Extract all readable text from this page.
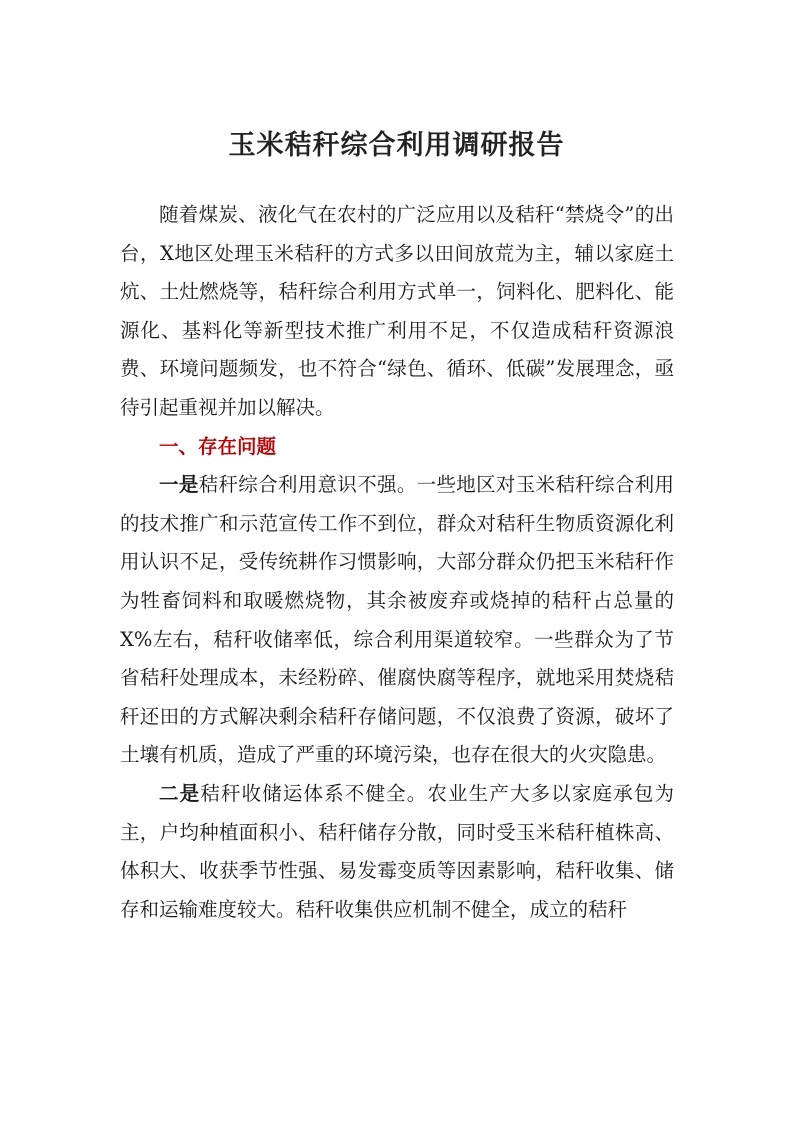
玉米秸秆综合利用调研报告

随着煤炭、液化气在农村的广泛应用以及秸秆“禁烧令”的出台，X地区处理玉米秸秆的方式多以田间放荒为主，辅以家庭土炕、土灶燃烧等，秸秆综合利用方式单一，饲料化、肥料化、能源化、基料化等新型技术推广利用不足，不仅造成秸秆资源浪费、环境问题频发，也不符合“绿色、循环、低碳”发展理念，亟待引起重视并加以解决。

一、存在问题

一是秸秆综合利用意识不强。一些地区对玉米秸秆综合利用的技术推广和示范宣传工作不到位，群众对秸秆生物质资源化利用认识不足，受传统耕作习惯影响，大部分群众仍把玉米秸秆作为牲畜饲料和取暖燃烧物，其余被废弃或烧掉的秸秆占总量的X%左右，秸秆收储率低，综合利用渠道较窄。一些群众为了节省秸秆处理成本，未经粉碎、催腐快腐等程序，就地采用焚烧秸秆还田的方式解决剩余秸秆存储问题，不仅浪费了资源，破坏了土壤有机质，造成了严重的环境污染，也存在很大的火灾隐患。

二是秸秆收储运体系不健全。农业生产大多以家庭承包为主，户均种植面积小、秸秆储存分散，同时受玉米秸秆植株高、体积大、收获季节性强、易发霉变质等因素影响，秸秆收集、储存和运输难度较大。秸秆收集供应机制不健全，成立的秸秆
